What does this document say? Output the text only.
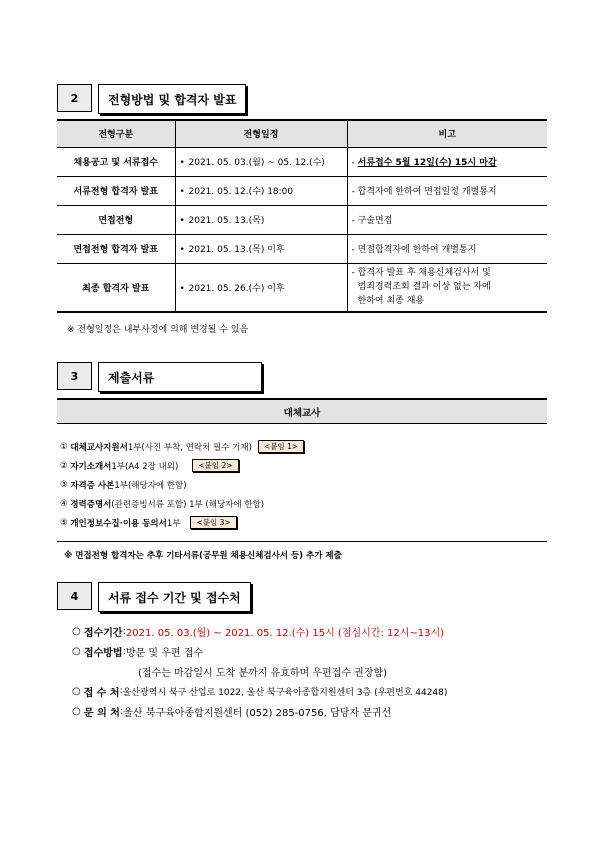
2	전형방법 및 합격자 발표
전형구분	전형일정	비고
채용공고 및 서류접수	• 2021. 05. 03.(월) ~ 05. 12.(수)	- 서류접수 5월 12일(수) 15시 마감
서류전형 합격자 발표	• 2021. 05. 12.(수) 18:00	- 합격자에 한하여 면접일정 개별통지
면접전형	• 2021. 05. 13.(목)	- 구술면접
면접전형 합격자 발표	• 2021. 05. 13.(목) 이후	- 면접합격자에 한하여 개별통지
최종 합격자 발표	• 2021. 05. 26.(수) 이후	- 합격자 발표 후 채용신체검사서 및
범죄경력조회 결과 이상 없는 자에
한하여 최종 채용
※ 전형일정은 내부사정에 의해 변경될 수 있음
3	제출서류
대체교사
①
대체교사지원서 1부(사진 부착, 연락처 필수 기재)	<붙임 1>
②
자기소개서 1부(A4 2장 내외)	<붙임 2>
③
자격증 사본 1부(해당자에 한함)
④
경력증명서 (관련증빙서류 포함) 1부 (해당자에 한함)
⑤
개인정보수집·이용 동의서 1부	<붙임 3>
※ 면접전형 합격자는 추후 기타서류(공무원 채용신체검사서 등) 추가 제출
4	서류 접수 기간 및 접수처
○
접수기간 : 2021. 05. 03.(월) ~ 2021. 05. 12.(수) 15시 (점심시간: 12시~13시)
○
접수방법 : 방문 및 우편 접수
(접수는 마감일시 도착 분까지 유효하며 우편접수 권장함)
○
접 수 처 : 울산광역시 북구 산업로 1022, 울산 북구육아종합지원센터 3층 (우편번호 44248)
○
문 의 처 : 울산 북구육아종합지원센터 (052) 285-0756, 담당자 문귀선
